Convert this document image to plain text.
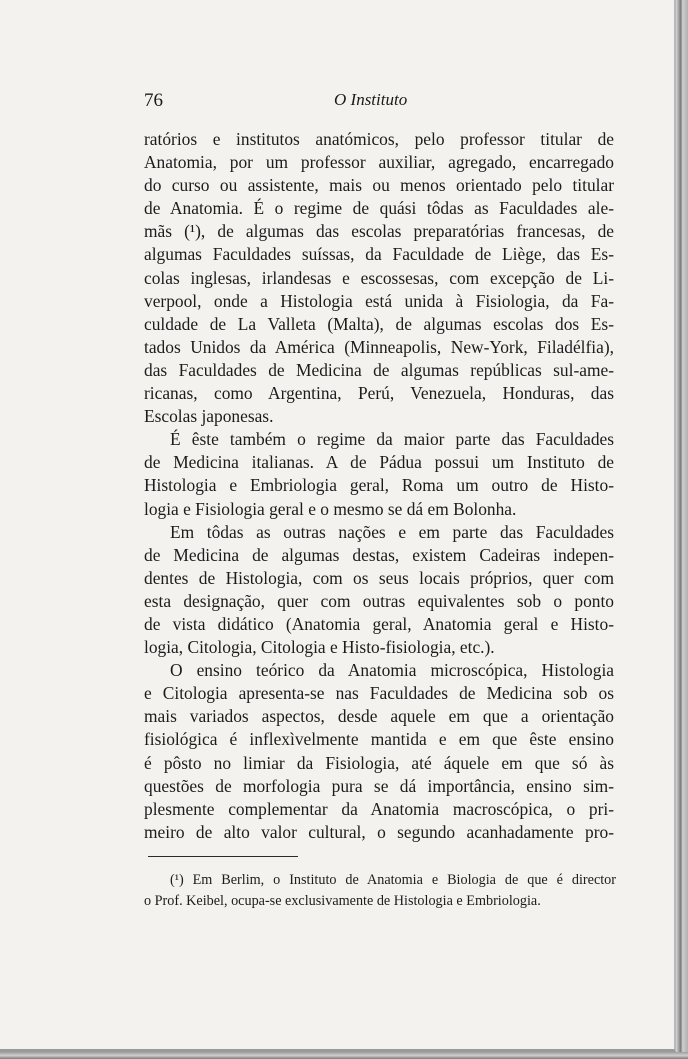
76	O Instituto
ratórios e institutos anatómicos, pelo professor titular de
Anatomia, por um professor auxiliar, agregado, encarregado
do curso ou assistente, mais ou menos orientado pelo titular
de Anatomia. É o regime de quási tôdas as Faculdades ale-
mãs (¹), de algumas das escolas preparatórias francesas, de
algumas Faculdades suíssas, da Faculdade de Liège, das Es-
colas inglesas, irlandesas e escossesas, com excepção de Li-
verpool, onde a Histologia está unida à Fisiologia, da Fa-
culdade de La Valleta (Malta), de algumas escolas dos Es-
tados Unidos da América (Minneapolis, New-York, Filadélfia),
das Faculdades de Medicina de algumas repúblicas sul-ame-
ricanas, como Argentina, Perú, Venezuela, Honduras, das
Escolas japonesas.
É êste também o regime da maior parte das Faculdades
de Medicina italianas. A de Pádua possui um Instituto de
Histologia e Embriologia geral, Roma um outro de Histo-
logia e Fisiologia geral e o mesmo se dá em Bolonha.
Em tôdas as outras nações e em parte das Faculdades
de Medicina de algumas destas, existem Cadeiras indepen-
dentes de Histologia, com os seus locais próprios, quer com
esta designação, quer com outras equivalentes sob o ponto
de vista didático (Anatomia geral, Anatomia geral e Histo-
logia, Citologia, Citologia e Histo-fisiologia, etc.).
O ensino teórico da Anatomia microscópica, Histologia
e Citologia apresenta-se nas Faculdades de Medicina sob os
mais variados aspectos, desde aquele em que a orientação
fisiológica é inflexìvelmente mantida e em que êste ensino
é pôsto no limiar da Fisiologia, até áquele em que só às
questões de morfologia pura se dá importância, ensino sim-
plesmente complementar da Anatomia macroscópica, o pri-
meiro de alto valor cultural, o segundo acanhadamente pro-
(¹) Em Berlim, o Instituto de Anatomia e Biologia de que é director
o Prof. Keibel, ocupa-se exclusivamente de Histologia e Embriologia.
